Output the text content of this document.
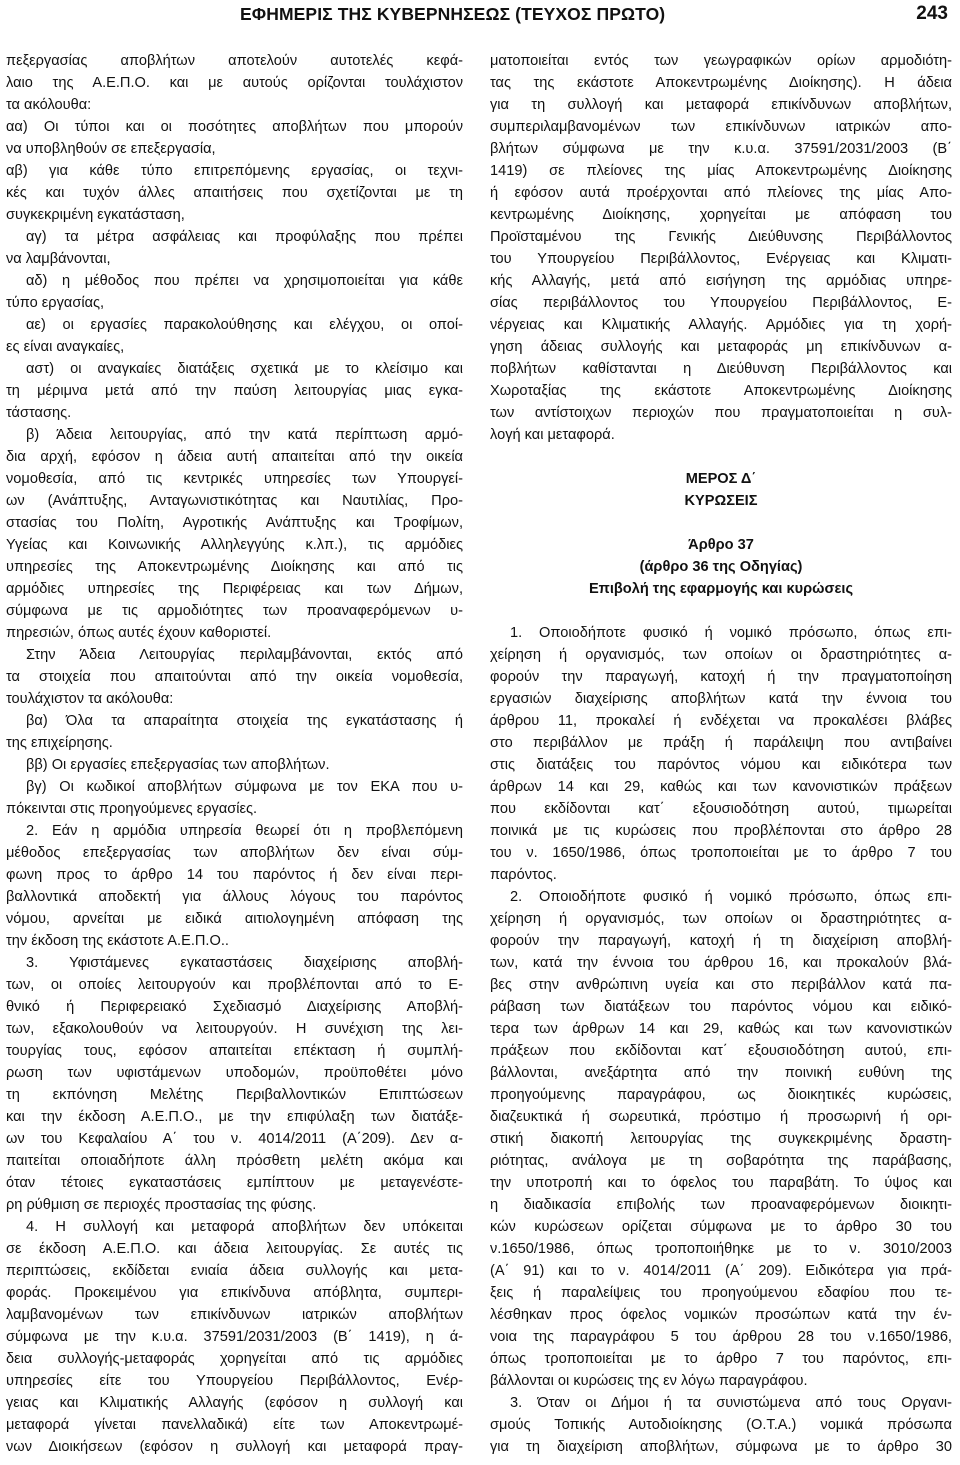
ΕΦΗΜΕΡΙΣ ΤΗΣ ΚΥΒΕΡΝΗΣΕΩΣ (ΤΕΥΧΟΣ ΠΡΩΤΟ)	243
πεξεργασίας αποβλήτων αποτελούν αυτοτελές κεφά-
λαιο της Α.Ε.Π.Ο. και με αυτούς ορίζονται τουλάχιστον
τα ακόλουθα:
αα) Οι τύποι και οι ποσότητες αποβλήτων που μπορούν
να υποβληθούν σε επεξεργασία,
αβ) για κάθε τύπο επιτρεπόμενης εργασίας, οι τεχνι-
κές και τυχόν άλλες απαιτήσεις που σχετίζονται με τη
συγκεκριμένη εγκατάσταση,
αγ) τα μέτρα ασφάλειας και προφύλαξης που πρέπει
να λαμβάνονται,
αδ) η μέθοδος που πρέπει να χρησιμοποιείται για κάθε
τύπο εργασίας,
αε) οι εργασίες παρακολούθησης και ελέγχου, οι οποί-
ες είναι αναγκαίες,
αστ) οι αναγκαίες διατάξεις σχετικά με το κλείσιμο και
τη μέριμνα μετά από την παύση λειτουργίας μιας εγκα-
τάστασης.
β) Άδεια λειτουργίας, από την κατά περίπτωση αρμό-
δια αρχή, εφόσον η άδεια αυτή απαιτείται από την οικεία
νομοθεσία, από τις κεντρικές υπηρεσίες των Υπουργεί-
ων (Ανάπτυξης, Ανταγωνιστικότητας και Ναυτιλίας, Προ-
στασίας του Πολίτη, Αγροτικής Ανάπτυξης και Τροφίμων,
Υγείας και Κοινωνικής Αλληλεγγύης κ.λπ.), τις αρμόδιες
υπηρεσίες της Αποκεντρωμένης Διοίκησης και από τις
αρμόδιες υπηρεσίες της Περιφέρειας και των Δήμων,
σύμφωνα με τις αρμοδιότητες των προαναφερόμενων υ-
πηρεσιών, όπως αυτές έχουν καθοριστεί.
Στην Άδεια Λειτουργίας περιλαμβάνονται, εκτός από
τα στοιχεία που απαιτούνται από την οικεία νομοθεσία,
τουλάχιστον τα ακόλουθα:
βα) Όλα τα απαραίτητα στοιχεία της εγκατάστασης ή
της επιχείρησης.
ββ) Οι εργασίες επεξεργασίας των αποβλήτων.
βγ) Οι κωδικοί αποβλήτων σύμφωνα με τον ΕΚΑ που υ-
πόκεινται στις προηγούμενες εργασίες.
2. Εάν η αρμόδια υπηρεσία θεωρεί ότι η προβλεπόμενη
μέθοδος επεξεργασίας των αποβλήτων δεν είναι σύμ-
φωνη προς το άρθρο 14 του παρόντος ή δεν είναι περι-
βαλλοντικά αποδεκτή για άλλους λόγους του παρόντος
νόμου, αρνείται με ειδικά αιτιολογημένη απόφαση της
την έκδοση της εκάστοτε Α.Ε.Π.Ο..
3. Υφιστάμενες εγκαταστάσεις διαχείρισης αποβλή-
των, οι οποίες λειτουργούν και προβλέπονται από το Ε-
θνικό ή Περιφερειακό Σχεδιασμό Διαχείρισης Αποβλή-
των, εξακολουθούν να λειτουργούν. Η συνέχιση της λει-
τουργίας τους, εφόσον απαιτείται επέκταση ή συμπλή-
ρωση των υφιστάμενων υποδομών, προϋποθέτει μόνο
τη εκπόνηση Μελέτης Περιβαλλοντικών Επιπτώσεων
και την έκδοση Α.Ε.Π.Ο., με την επιφύλαξη των διατάξε-
ων του Κεφαλαίου Α΄ του ν. 4014/2011 (Α΄209). Δεν α-
παιτείται οποιαδήποτε άλλη πρόσθετη μελέτη ακόμα και
όταν τέτοιες εγκαταστάσεις εμπίπτουν με μεταγενέστε-
ρη ρύθμιση σε περιοχές προστασίας της φύσης.
4. Η συλλογή και μεταφορά αποβλήτων δεν υπόκειται
σε έκδοση Α.Ε.Π.Ο. και άδεια λειτουργίας. Σε αυτές τις
περιπτώσεις, εκδίδεται ενιαία άδεια συλλογής και μετα-
φοράς. Προκειμένου για επικίνδυνα απόβλητα, συμπερι-
λαμβανομένων των επικίνδυνων ιατρικών αποβλήτων
σύμφωνα με την κ.υ.α. 37591/2031/2003 (Β΄ 1419), η ά-
δεια συλλογής-μεταφοράς χορηγείται από τις αρμόδιες
υπηρεσίες είτε του Υπουργείου Περιβάλλοντος, Ενέρ-
γειας και Κλιματικής Αλλαγής (εφόσον η συλλογή και
μεταφορά γίνεται πανελλαδικά) είτε των Αποκεντρωμέ-
νων Διοικήσεων (εφόσον η συλλογή και μεταφορά πραγ-
ματοποιείται εντός των γεωγραφικών ορίων αρμοδιότη-
τας της εκάστοτε Αποκεντρωμένης Διοίκησης). Η άδεια
για τη συλλογή και μεταφορά επικίνδυνων αποβλήτων,
συμπεριλαμβανομένων των επικίνδυνων ιατρικών απο-
βλήτων σύμφωνα με την κ.υ.α. 37591/2031/2003 (Β΄
1419) σε πλείονες της μίας Αποκεντρωμένης Διοίκησης
ή εφόσον αυτά προέρχονται από πλείονες της μίας Απο-
κεντρωμένης Διοίκησης, χορηγείται με απόφαση του
Προϊσταμένου της Γενικής Διεύθυνσης Περιβάλλοντος
του Υπουργείου Περιβάλλοντος, Ενέργειας και Κλιματι-
κής Αλλαγής, μετά από εισήγηση της αρμόδιας υπηρε-
σίας περιβάλλοντος του Υπουργείου Περιβάλλοντος, Ε-
νέργειας και Κλιματικής Αλλαγής. Αρμόδιες για τη χορή-
γηση άδειας συλλογής και μεταφοράς μη επικίνδυνων α-
ποβλήτων καθίστανται η Διεύθυνση Περιβάλλοντος και
Χωροταξίας της εκάστοτε Αποκεντρωμένης Διοίκησης
των αντίστοιχων περιοχών που πραγματοποιείται η συλ-
λογή και μεταφορά.

ΜΕΡΟΣ Δ΄

ΚΥΡΩΣΕΙΣ

Άρθρο 37

(άρθρο 36 της Οδηγίας)

Επιβολή της εφαρμογής και κυρώσεις

1. Οποιοδήποτε φυσικό ή νομικό πρόσωπο, όπως επι-
χείρηση ή οργανισμός, των οποίων οι δραστηριότητες α-
φορούν την παραγωγή, κατοχή ή την πραγματοποίηση
εργασιών διαχείρισης αποβλήτων κατά την έννοια του
άρθρου 11, προκαλεί ή ενδέχεται να προκαλέσει βλάβες
στο περιβάλλον με πράξη ή παράλειψη που αντιβαίνει
στις διατάξεις του παρόντος νόμου και ειδικότερα των
άρθρων 14 και 29, καθώς και των κανονιστικών πράξεων
που εκδίδονται κατ΄ εξουσιοδότηση αυτού, τιμωρείται
ποινικά με τις κυρώσεις που προβλέπονται στο άρθρο 28
του ν. 1650/1986, όπως τροποποιείται με το άρθρο 7 του
παρόντος.
2. Οποιοδήποτε φυσικό ή νομικό πρόσωπο, όπως επι-
χείρηση ή οργανισμός, των οποίων οι δραστηριότητες α-
φορούν την παραγωγή, κατοχή ή τη διαχείριση αποβλή-
των, κατά την έννοια του άρθρου 16, και προκαλούν βλά-
βες στην ανθρώπινη υγεία και στο περιβάλλον κατά πα-
ράβαση των διατάξεων του παρόντος νόμου και ειδικό-
τερα των άρθρων 14 και 29, καθώς και των κανονιστικών
πράξεων που εκδίδονται κατ΄ εξουσιοδότηση αυτού, επι-
βάλλονται, ανεξάρτητα από την ποινική ευθύνη της
προηγούμενης παραγράφου, ως διοικητικές κυρώσεις,
διαζευκτικά ή σωρευτικά, πρόστιμο ή προσωρινή ή ορι-
στική διακοπή λειτουργίας της συγκεκριμένης δραστη-
ριότητας, ανάλογα με τη σοβαρότητα της παράβασης,
την υποτροπή και το όφελος του παραβάτη. Το ύψος και
η διαδικασία επιβολής των προαναφερόμενων διοικητι-
κών κυρώσεων ορίζεται σύμφωνα με το άρθρο 30 του
ν.1650/1986, όπως τροποποιήθηκε με το ν. 3010/2003
(Α΄ 91) και το ν. 4014/2011 (Α΄ 209). Ειδικότερα για πρά-
ξεις ή παραλείψεις του προηγούμενου εδαφίου που τε-
λέσθηκαν προς όφελος νομικών προσώπων κατά την έν-
νοια της παραγράφου 5 του άρθρου 28 του ν.1650/1986,
όπως τροποποιείται με το άρθρο 7 του παρόντος, επι-
βάλλονται οι κυρώσεις της εν λόγω παραγράφου.
3. Όταν οι Δήμοι ή τα συνιστώμενα από τους Οργανι-
σμούς Τοπικής Αυτοδιοίκησης (Ο.Τ.Α.) νομικά πρόσωπα
για τη διαχείριση αποβλήτων, σύμφωνα με το άρθρο 30
